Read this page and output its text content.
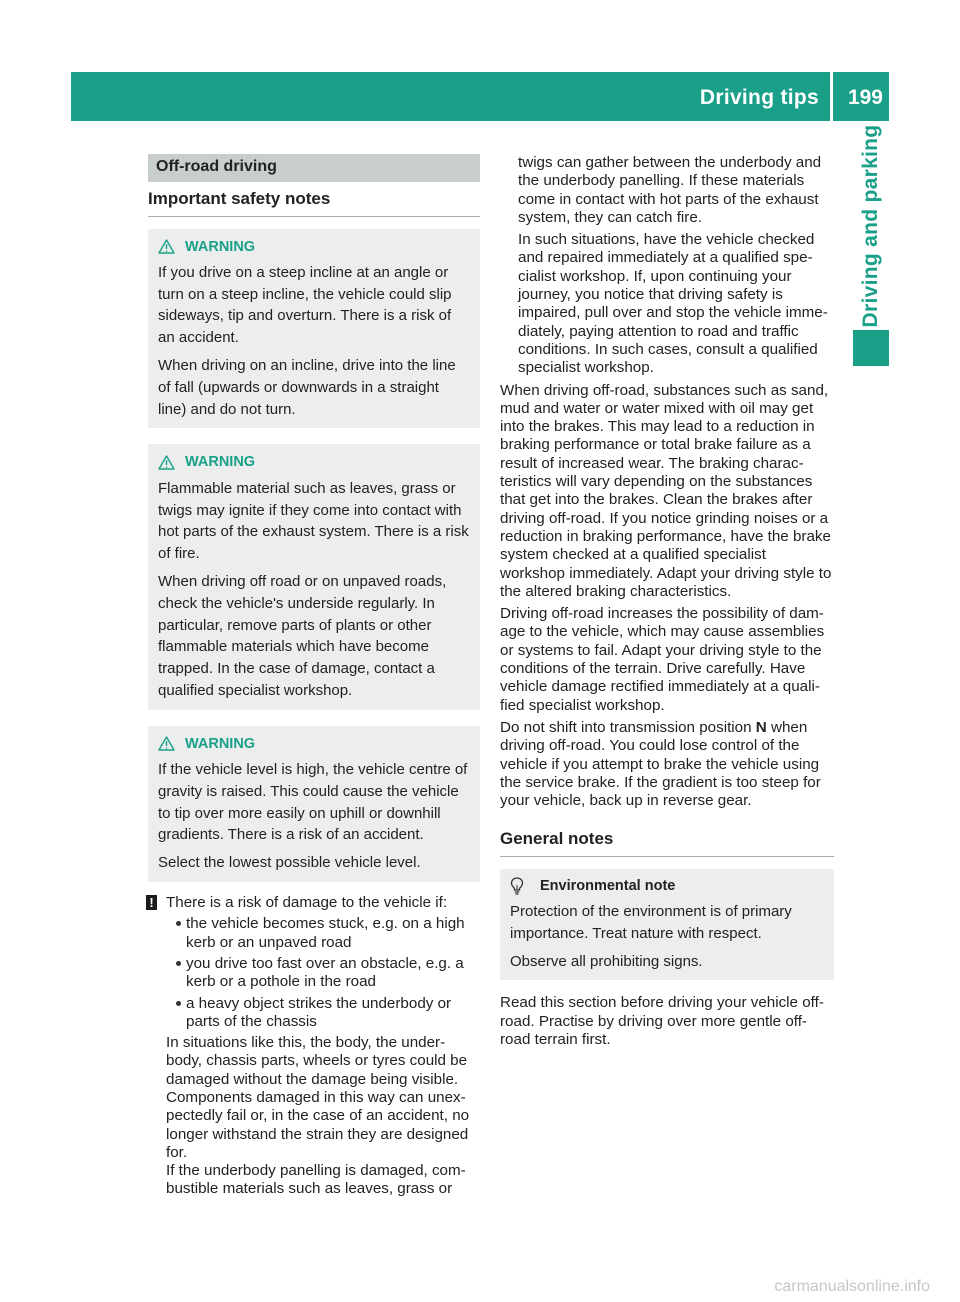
Driving tips 199
Driving and parking
Off-road driving
Important safety notes
WARNING

If you drive on a steep incline at an angle or turn on a steep incline, the vehicle could slip sideways, tip and overturn. There is a risk of an accident.

When driving on an incline, drive into the line of fall (upwards or downwards in a straight line) and do not turn.

WARNING

Flammable material such as leaves, grass or twigs may ignite if they come into contact with hot parts of the exhaust system. There is a risk of fire.

When driving off road or on unpaved roads, check the vehicle's underside regularly. In particular, remove parts of plants or other flammable materials which have become trapped. In the case of damage, contact a qualified specialist workshop.

WARNING

If the vehicle level is high, the vehicle centre of gravity is raised. This could cause the vehicle to tip over more easily on uphill or downhill gradients. There is a risk of an accident.

Select the lowest possible vehicle level.

! There is a risk of damage to the vehicle if:

the vehicle becomes stuck, e.g. on a high kerb or an unpaved road
you drive too fast over an obstacle, e.g. a kerb or a pothole in the road
a heavy object strikes the underbody or parts of the chassis

In situations like this, the body, the under-body, chassis parts, wheels or tyres could be damaged without the damage being visible. Components damaged in this way can unex-pectedly fail or, in the case of an accident, no longer withstand the strain they are designed for.

If the underbody panelling is damaged, com-bustible materials such as leaves, grass or

twigs can gather between the underbody and the underbody panelling. If these materials come in contact with hot parts of the exhaust system, they can catch fire.

In such situations, have the vehicle checked and repaired immediately at a qualified spe-cialist workshop. If, upon continuing your journey, you notice that driving safety is impaired, pull over and stop the vehicle imme-diately, paying attention to road and traffic conditions. In such cases, consult a qualified specialist workshop.

When driving off-road, substances such as sand, mud and water or water mixed with oil may get into the brakes. This may lead to a reduction in braking performance or total brake failure as a result of increased wear. The braking charac-teristics will vary depending on the substances that get into the brakes. Clean the brakes after driving off-road. If you notice grinding noises or a reduction in braking performance, have the brake system checked at a qualified specialist workshop immediately. Adapt your driving style to the altered braking characteristics.

Driving off-road increases the possibility of dam-age to the vehicle, which may cause assemblies or systems to fail. Adapt your driving style to the conditions of the terrain. Drive carefully. Have vehicle damage rectified immediately at a quali-fied specialist workshop.

Do not shift into transmission position N when driving off-road. You could lose control of the vehicle if you attempt to brake the vehicle using the service brake. If the gradient is too steep for your vehicle, back up in reverse gear.

General notes
Environmental note

Protection of the environment is of primary importance. Treat nature with respect.

Observe all prohibiting signs.

Read this section before driving your vehicle off-road. Practise by driving over more gentle off-road terrain first.

carmanualsonline.info
